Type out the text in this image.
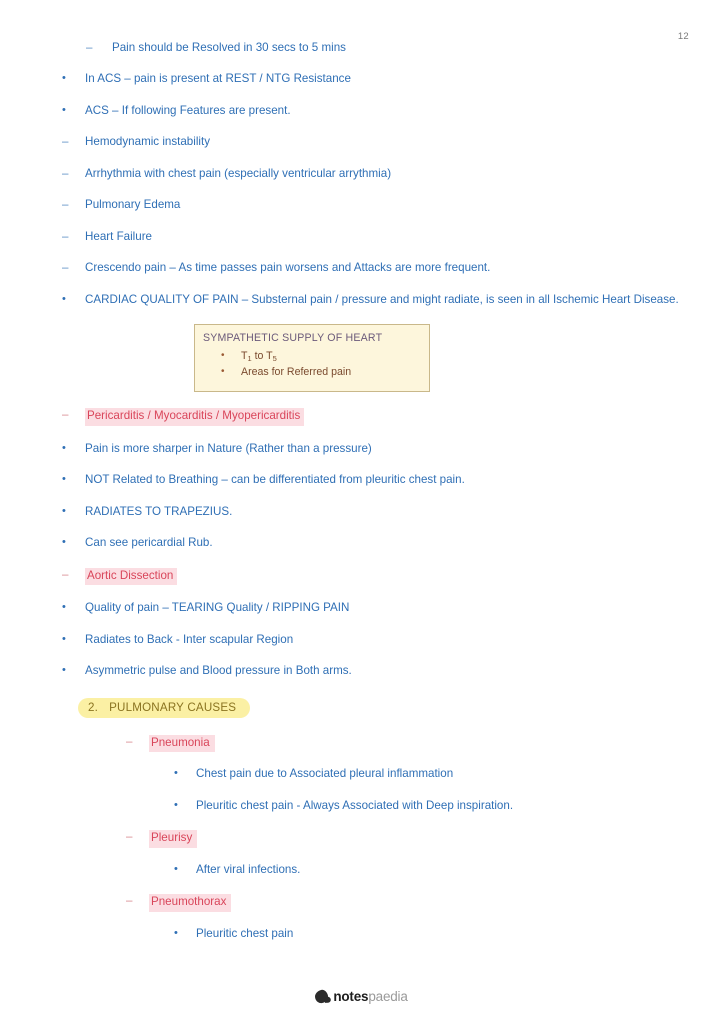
12
–	Pain should be Resolved in 30 secs to 5 mins
•	In ACS – pain is present at REST / NTG Resistance
•	ACS – If following Features are present.
–	Hemodynamic instability
–	Arrhythmia with chest pain (especially ventricular arrythmia)
–	Pulmonary Edema
–	Heart Failure
–	Crescendo pain – As time passes pain worsens and Attacks are more frequent.
•	CARDIAC QUALITY OF PAIN – Substernal pain / pressure and might radiate, is seen in all Ischemic Heart Disease.
SYMPATHETIC SUPPLY OF HEART
•	$T_1$ to $T_5$
•	Areas for Referred pain
–	Pericarditis / Myocarditis / Myopericarditis
•	Pain is more sharper in Nature (Rather than a pressure)
•	NOT Related to Breathing – can be differentiated from pleuritic chest pain.
•	RADIATES TO TRAPEZIUS.
•	Can see pericardial Rub.
–	Aortic Dissection
•	Quality of pain – TEARING Quality / RIPPING PAIN
•	Radiates to Back - Inter scapular Region
•	Asymmetric pulse and Blood pressure in Both arms.
2. PULMONARY CAUSES
–	Pneumonia
•	Chest pain due to Associated pleural inflammation
•	Pleuritic chest pain - Always Associated with Deep inspiration.
–	Pleurisy
•	After viral infections.
–	Pneumothorax
•	Pleuritic chest pain
notespaedia
